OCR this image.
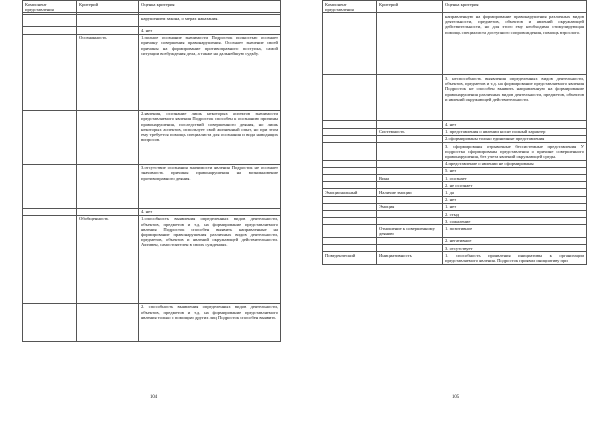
Компонент представления	Критерий	Оценка критерия

		нарушением закона, о мерах наказания.
		4. нет
	Осознанность	1.полное осознание значимости Подросток полностью осознает причину совершения правонарушения. Осознает значение своей причины на формирование противоправного поступка, самой ситуации возбуждения дела, а также на дальнейшую судьбу.
		2.явления, осознание лишь некоторых аспектов значимости представляемого явления Подросток способен к осознанию причины правонарушения, последствий совершенного деяния, но лишь некоторых аспектов, использует свой жизненный опыт, но при этом ему требуется помощь специалиста для осознания и вида наводящих вопросов.
		3.отсутствие осознания значимости явления Подросток не осознает значимость причины правонарушения на возникновение противоправного деяния.
		4. нет
	Обобщенность	1.способность выявления определенных видов деятельности, объектов, предметов и т.д. на формирование представляемого явления Подросток способен выявить направленные на формирование правонарушения различных видов деятельности, предметов, объектов и явлений окружающей действительности. Активен, самостоятелен в своих суждениях.
		2. способность выявления определенных видов деятельности, объектов, предметов и т.д. на формирование представляемого явления только с помощью других лиц Подросток способен выявить
104
Компонент представления	Критерий	Оценка критерия
		направленную на формирование правонарушения различных видов деятельности, предметов, объектов и явлений окружающей действительности, но для этого ему необходима стимулирующая помощь специалиста доступного сопровождения, помощь взрослого.
		3. неспособность выявления определенных видов деятельности, объектов, предметов и т.д. на формирование представляемого явления Подросток не способен выявить направленную на формирование правонарушения различных видов деятельности, предметов, объектов и явлений окружающей действительности.
		4. нет
	Системность	1. представления о явлении носят полный характер
		2.сформированы только единичные представления
		3. сформированы отрывочные бессистемные представления У подростка сформированы представления о причине совершенного правонарушения, без учета явлений окружающей среды.
		4.представление о явлении не сформированы
		5. нет
	Вина	1. осознает
		2. не осознает
Эмоциональный	Наличие эмоции	1. да
		2. нет
	Эмоция	1. нет
		2. стыд
		3. сожаление
	Отношение к совершенному деянию	1. позитивное
		2. негативное
		3. отсутствует
Поведенческий	Инициативность	1. способность проявления инициативы к организации представляемого явления. Подросток проявил инициативу при
105
